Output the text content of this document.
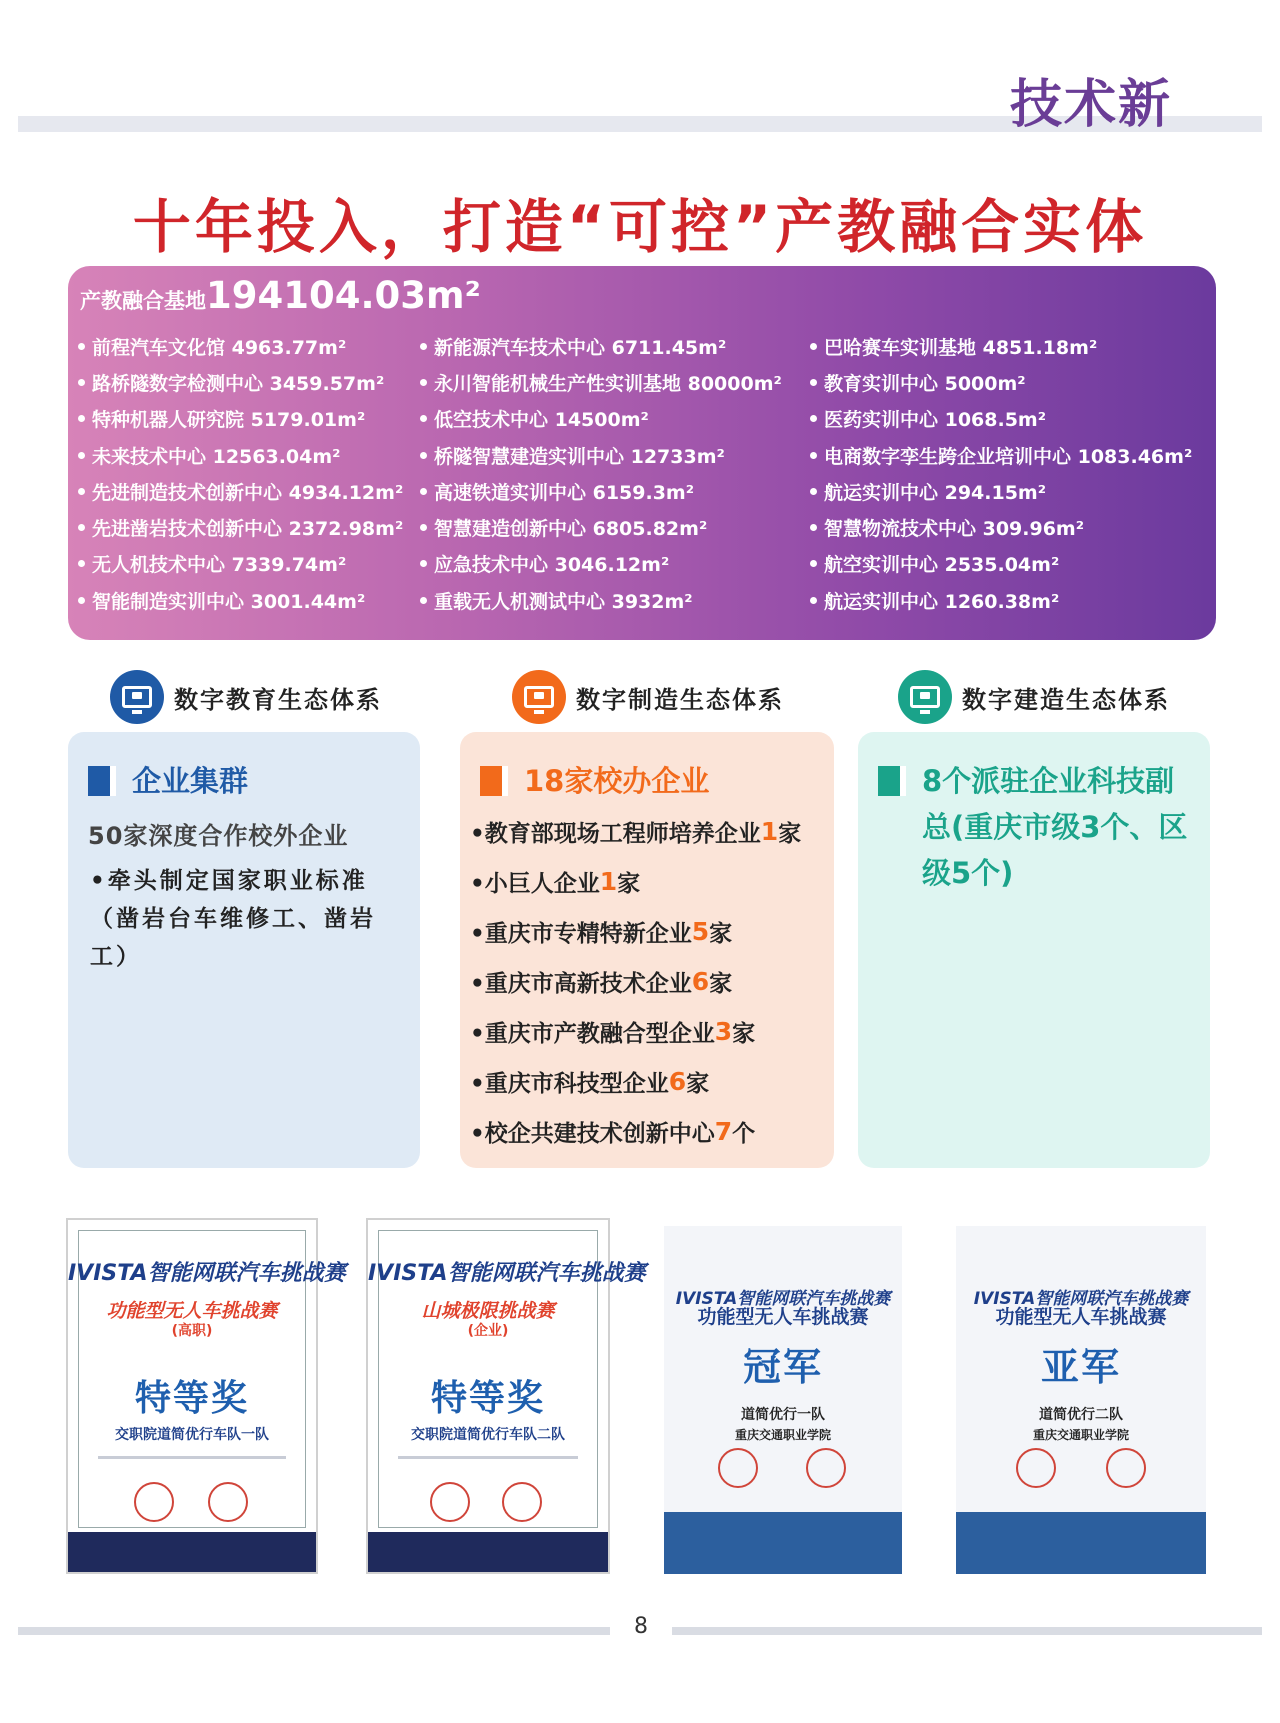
技术新
十年投入，打造“可控”产教融合实体
产教融合基地194104.03m²
前程汽车文化馆 4963.77m²
路桥隧数字检测中心 3459.57m²
特种机器人研究院 5179.01m²
未来技术中心 12563.04m²
先进制造技术创新中心 4934.12m²
先进凿岩技术创新中心 2372.98m²
无人机技术中心 7339.74m²
智能制造实训中心 3001.44m²
新能源汽车技术中心 6711.45m²
永川智能机械生产性实训基地 80000m²
低空技术中心 14500m²
桥隧智慧建造实训中心 12733m²
高速铁道实训中心 6159.3m²
智慧建造创新中心 6805.82m²
应急技术中心 3046.12m²
重载无人机测试中心 3932m²
巴哈赛车实训基地 4851.18m²
教育实训中心 5000m²
医药实训中心 1068.5m²
电商数字孪生跨企业培训中心 1083.46m²
航运实训中心 294.15m²
智慧物流技术中心 309.96m²
航空实训中心 2535.04m²
航运实训中心 1260.38m²
数字教育生态体系	数字制造生态体系	数字建造生态体系
企业集群
50家深度合作校外企业
•牵头制定国家职业标准（凿岩台车维修工、凿岩工）
18家校办企业
•教育部现场工程师培养企业 1 家
•小巨人企业 1 家
•重庆市专精特新企业 5 家
•重庆市高新技术企业 6 家
•重庆市产教融合型企业 3 家
•重庆市科技型企业 6 家
•校企共建技术创新中心 7 个
8个派驻企业科技副总(重庆市级3个、区级5个)
IVISTA智能网联汽车挑战赛
功能型无人车挑战赛
(高职)
特等奖
交职院道简优行车队一队
IVISTA智能网联汽车挑战赛
山城极限挑战赛
(企业)
特等奖
交职院道简优行车队二队
IVISTA智能网联汽车挑战赛
功能型无人车挑战赛
冠军
道简优行一队
重庆交通职业学院
IVISTA智能网联汽车挑战赛
功能型无人车挑战赛
亚军
道简优行二队
重庆交通职业学院
8
